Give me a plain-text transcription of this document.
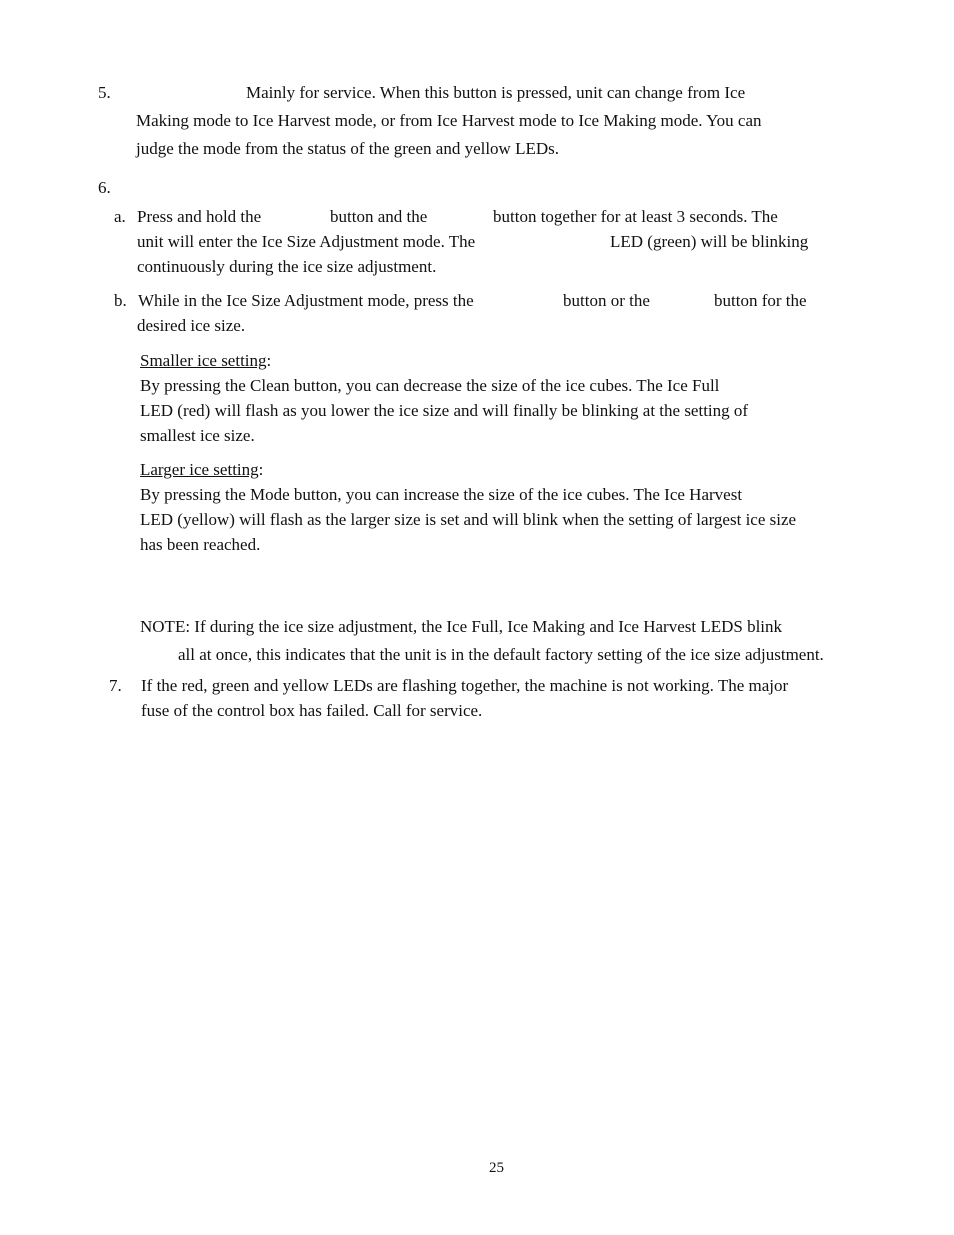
5.	Mainly for service. When this button is pressed, unit can change from Ice
Making mode to Ice Harvest mode, or from Ice Harvest mode to Ice Making mode. You can
judge the mode from the status of the green and yellow LEDs.
6.
a. Press and hold the	button and the	button together for at least 3 seconds. The
unit will enter the Ice Size Adjustment mode. The	LED (green) will be blinking
continuously during the ice size adjustment.
b. While in the Ice Size Adjustment mode, press the	button or the	button for the
desired ice size.
Smaller ice setting:
By pressing the Clean button, you can decrease the size of the ice cubes. The Ice Full
LED (red) will flash as you lower the ice size and will finally be blinking at the setting of
smallest ice size.
Larger ice setting:
By pressing the Mode button, you can increase the size of the ice cubes. The Ice Harvest
LED (yellow) will flash as the larger size is set and will blink when the setting of largest ice size
has been reached.
NOTE: If during the ice size adjustment, the Ice Full, Ice Making and Ice Harvest LEDS blink
all at once, this indicates that the unit is in the default factory setting of the ice size adjustment.
7. If the red, green and yellow LEDs are flashing together, the machine is not working. The major
fuse of the control box has failed. Call for service.
25
